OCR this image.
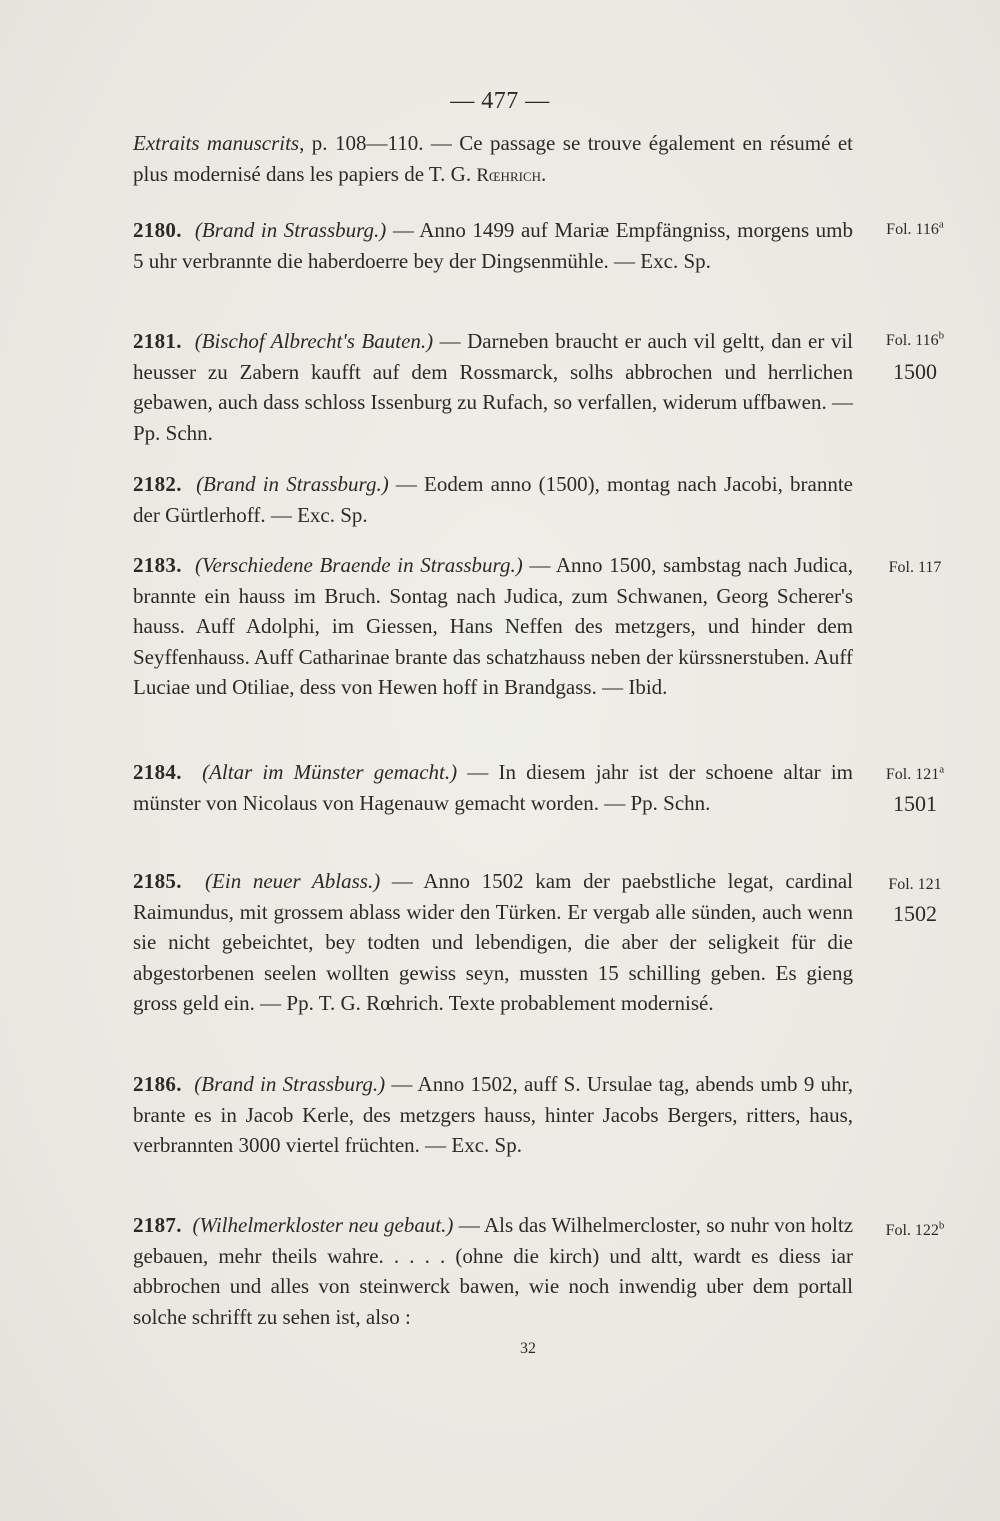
— 477 —

Extraits manuscrits, p. 108—110. — Ce passage se trouve également en résumé et plus modernisé dans les papiers de T. G. Rœhrich.

2180. (Brand in Strassburg.) — Anno 1499 auf Mariæ Empfängniss, morgens umb 5 uhr verbrannte die haberdoerre bey der Dingsenmühle. — Exc. Sp.

Fol. 116$^a$

2181. (Bischof Albrecht's Bauten.) — Darneben braucht er auch vil geltt, dan er vil heusser zu Zabern kaufft auf dem Rossmarck, solhs abbrochen und herrlichen gebawen, auch dass schloss Issenburg zu Rufach, so verfallen, widerum uffbawen. — Pp. Schn.

Fol. 116$^b$
1500

2182. (Brand in Strassburg.) — Eodem anno (1500), montag nach Jacobi, brannte der Gürtlerhoff. — Exc. Sp.

2183. (Verschiedene Braende in Strassburg.) — Anno 1500, sambstag nach Judica, brannte ein hauss im Bruch. Sontag nach Judica, zum Schwanen, Georg Scherer's hauss. Auff Adolphi, im Giessen, Hans Neffen des metzgers, und hinder dem Seyffenhauss. Auff Catharinae brante das schatzhauss neben der kürssnerstuben. Auff Luciae und Otiliae, dess von Hewen hoff in Brandgass. — Ibid.

Fol. 117

2184. (Altar im Münster gemacht.) — In diesem jahr ist der schoene altar im münster von Nicolaus von Hagenauw gemacht worden. — Pp. Schn.

Fol. 121$^a$
1501

2185. (Ein neuer Ablass.) — Anno 1502 kam der paebstliche legat, cardinal Raimundus, mit grossem ablass wider den Türken. Er vergab alle sünden, auch wenn sie nicht gebeichtet, bey todten und lebendigen, die aber der seligkeit für die abgestorbenen seelen wollten gewiss seyn, mussten 15 schilling geben. Es gieng gross geld ein. — Pp. T. G. Rœhrich. Texte probablement modernisé.

Fol. 121
1502

2186. (Brand in Strassburg.) — Anno 1502, auff S. Ursulae tag, abends umb 9 uhr, brante es in Jacob Kerle, des metzgers hauss, hinter Jacobs Bergers, ritters, haus, verbrannten 3000 viertel früchten. — Exc. Sp.

2187. (Wilhelmerkloster neu gebaut.) — Als das Wilhelmercloster, so nuhr von holtz gebauen, mehr theils wahre. . . . . (ohne die kirch) und altt, wardt es diess iar abbrochen und alles von steinwerck bawen, wie noch inwendig uber dem portall solche schrifft zu sehen ist, also :

Fol. 122$^b$
32
